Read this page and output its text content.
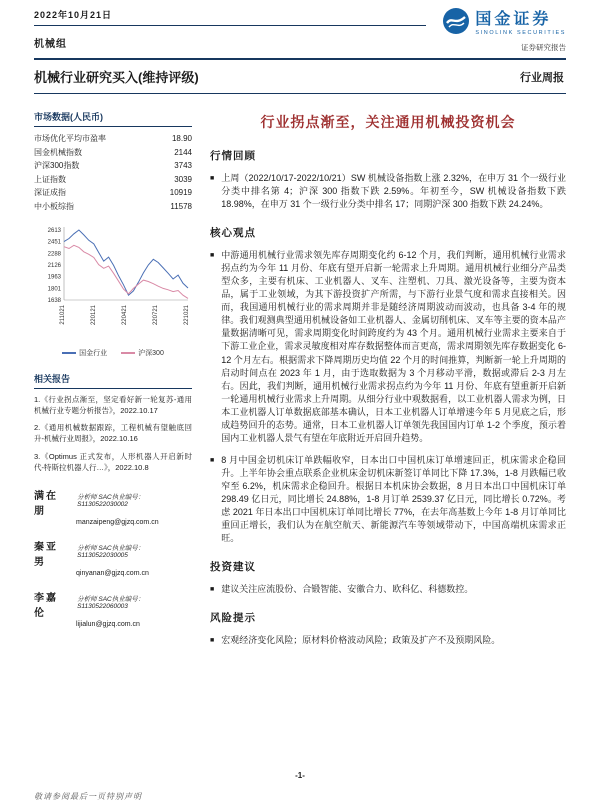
2022年10月21日
机械组
国金证券
SINOLINK SECURITIES
证券研究报告
机械行业研究买入(维持评级)	行业周报
市场数据(人民币)
市场优化平均市盈率	18.90
国金机械指数	2144
沪深300指数	3743
上证指数	3039
深证成指	10919
中小板综指	11578
1638
1801
1963
2126
2288
2451
2613
211021	220121	220421	220721	221021
国金行业	沪深300
相关报告
1.《行业拐点渐至，坚定看好新一轮复苏-通用机械行业专题分析报告》，2022.10.17
2.《通用机械数据跟踪，工程机械有望触底回升-机械行业周报》，2022.10.16
3.《Optimus 正式发布，人形机器人开启新时代-特斯拉机器人行…》，2022.10.8
满在朋
分析师 SAC执业编号：S1130522030002
manzaipeng@gjzq.com.cn
秦亚男
分析师 SAC执业编号：S1130522030005
qinyanan@gjzq.com.cn
李嘉伦
分析师 SAC执业编号：S1130522060003
lijialun@gjzq.com.cn
行业拐点渐至，关注通用机械投资机会
行情回顾
■ 上周（2022/10/17-2022/10/21）SW 机械设备指数上涨 2.32%，在申万 31 个一级行业分类中排名第 4；沪深 300 指数下跌 2.59%。年初至今，SW 机械设备指数下跌 18.98%，在申万 31 个一级行业分类中排名 17；同期沪深 300 指数下跌 24.24%。
核心观点
■ 中游通用机械行业需求领先库存周期变化约 6-12 个月，我们判断，通用机械行业需求拐点约为今年 11 月份、年底有望开启新一轮需求上升周期。通用机械行业细分产品类型众多，主要有机床、工业机器人、叉车、注塑机、刀具、激光设备等，主要为资本品，属于工业领域，为其下游投资扩产所需，与下游行业景气度和需求直接相关。因而，我国通用机械行业的需求周期并非是随经济周期波动而波动，也具备 3-4 年的规律。我们观测典型通用机械设备如工业机器人、金属切削机床、叉车等主要的资本品产量数据清晰可见，需求周期变化时间跨度约为 43 个月。通用机械行业需求主要来自于下游工业企业，需求灵敏度相对库存数据整体而言更高，需求周期领先库存数据变化 6-12 个月左右。根据需求下降周期历史均值 22 个月的时间推算，判断新一轮上升周期的启动时间点在 2023 年 1 月，由于选取数据为 3 个月移动平滑，数据或滞后 2-3 月左右。因此，我们判断，通用机械行业需求拐点约为今年 11 月份、年底有望重新开启新一轮通用机械行业需求上升周期。从细分行业中观数据看，以工业机器人需求为例，日本工业机器人订单数据底部基本确认，日本工业机器人订单增速今年 5 月见底之后，形成趋势回升的态势。通常，日本工业机器人订单领先我国国内订单 1-2 个季度，预示着国内工业机器人景气有望在年底附近开启回升趋势。
■ 8 月中国金切机床订单跌幅收窄，日本出口中国机床订单增速回正，机床需求企稳回升。上半年协会重点联系企业机床金切机床新签订单同比下降 17.3%，1-8 月跌幅已收窄至 6.2%，机床需求企稳回升。根据日本机床协会数据，8 月日本出口中国机床订单 298.49 亿日元，同比增长 24.88%，1-8 月订单 2539.37 亿日元，同比增长 0.72%。考虑 2021 年日本出口中国机床订单同比增长 77%，在去年高基数上今年 1-8 月订单同比重回正增长，我们认为在航空航天、新能源汽车等领域带动下，中国高端机床需求正旺。
投资建议
■ 建议关注应流股份、合锻智能、安徽合力、欧科亿、科德数控。
风险提示
■ 宏观经济变化风险；原材料价格波动风险；政策及扩产不及预期风险。
-1-
敬请参阅最后一页特别声明
